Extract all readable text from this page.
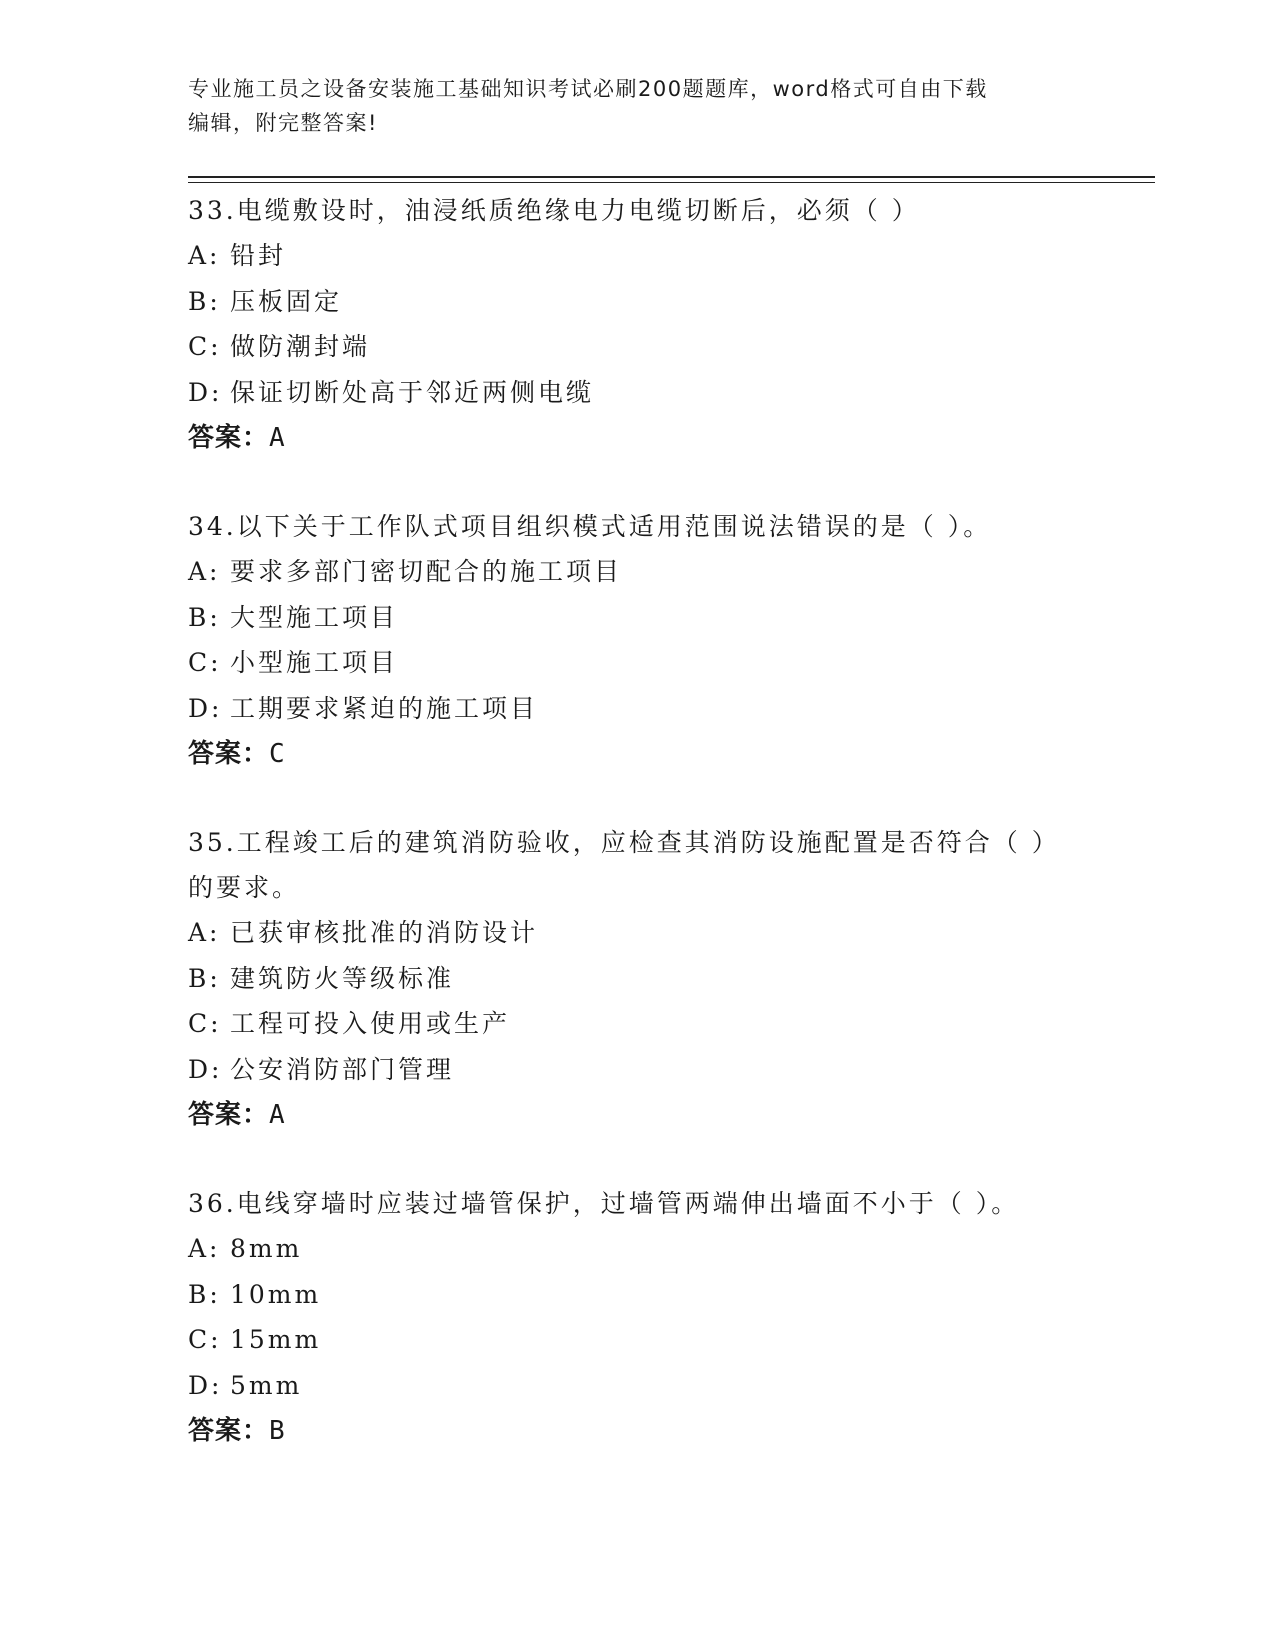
专业施工员之设备安装施工基础知识考试必刷200题题库，word格式可自由下载
编辑，附完整答案!

33.电缆敷设时，油浸纸质绝缘电力电缆切断后，必须（ ）

A: 铅封
B: 压板固定
C: 做防潮封端
D: 保证切断处高于邻近两侧电缆
答案：A

34.以下关于工作队式项目组织模式适用范围说法错误的是（ ）。

A: 要求多部门密切配合的施工项目
B: 大型施工项目
C: 小型施工项目
D: 工期要求紧迫的施工项目
答案：C

35.工程竣工后的建筑消防验收，应检查其消防设施配置是否符合（ ）的要求。

A: 已获审核批准的消防设计
B: 建筑防火等级标准
C: 工程可投入使用或生产
D: 公安消防部门管理
答案：A

36.电线穿墙时应装过墙管保护，过墙管两端伸出墙面不小于（ ）。

A: 8mm
B: 10mm
C: 15mm
D: 5mm
答案：B
